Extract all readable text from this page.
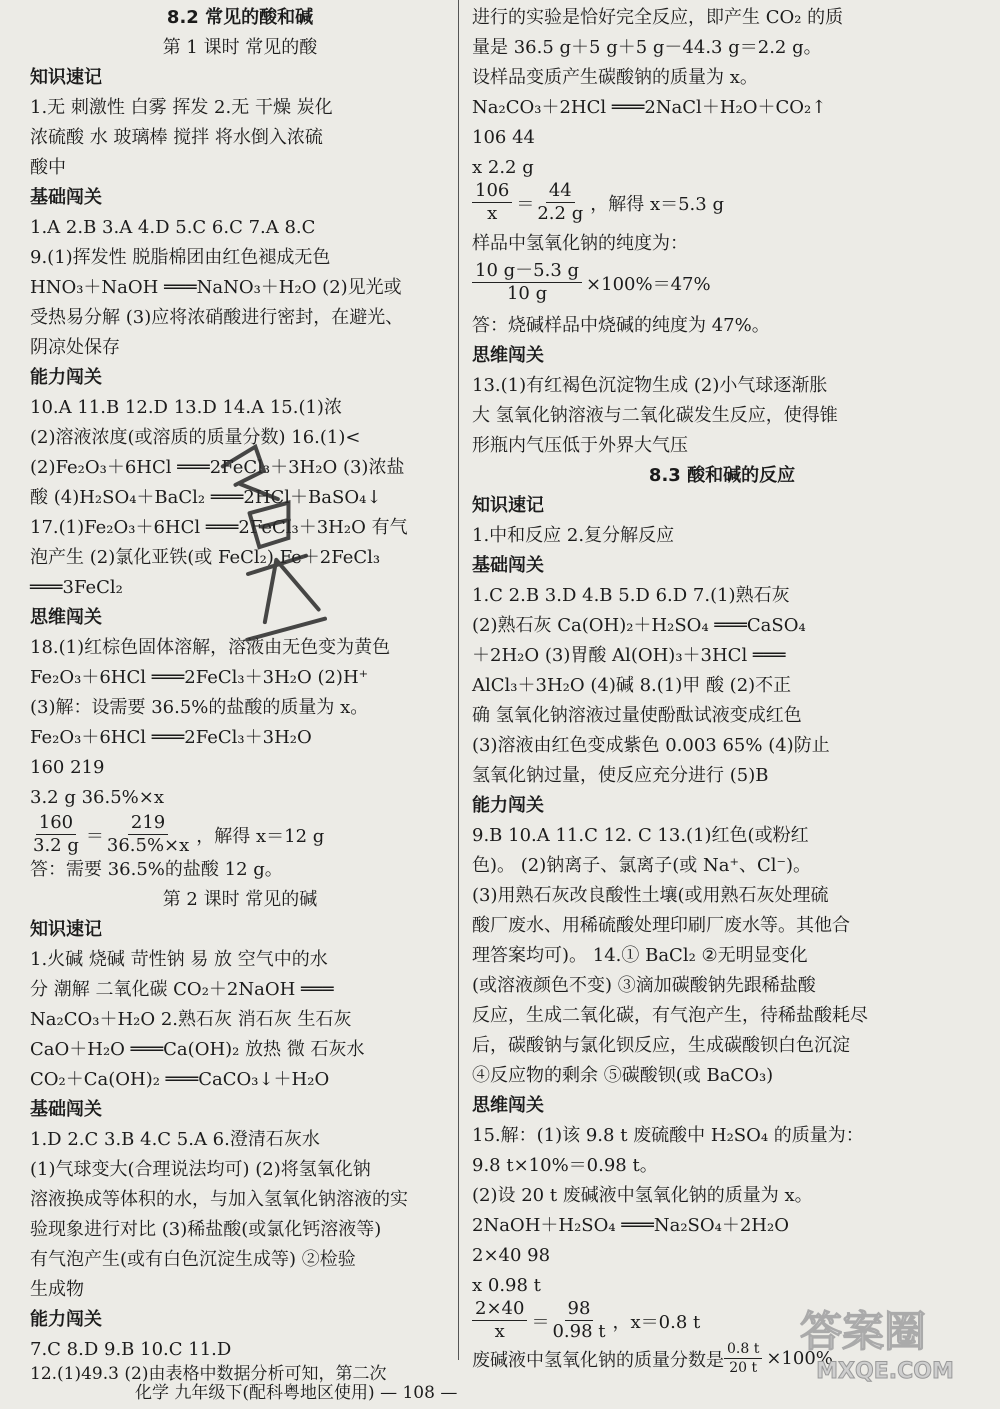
8.2 常见的酸和碱
第 1 课时 常见的酸
知识速记
1.无 刺激性 白雾 挥发 2.无 干燥 炭化
浓硫酸 水 玻璃棒 搅拌 将水倒入浓硫
酸中
基础闯关
1.A 2.B 3.A 4.D 5.C 6.C 7.A 8.C
9.(1)挥发性 脱脂棉团由红色褪成无色
HNO₃＋NaOH ═══NaNO₃＋H₂O (2)见光或
受热易分解 (3)应将浓硝酸进行密封，在避光、
阴凉处保存
能力闯关
10.A 11.B 12.D 13.D 14.A 15.(1)浓
(2)溶液浓度(或溶质的质量分数) 16.(1)<
(2)Fe₂O₃＋6HCl ═══2FeCl₃＋3H₂O (3)浓盐
酸 (4)H₂SO₄＋BaCl₂ ═══2HCl＋BaSO₄↓
17.(1)Fe₂O₃＋6HCl ═══2FeCl₃＋3H₂O 有气
泡产生 (2)氯化亚铁(或 FeCl₂) Fe＋2FeCl₃
═══3FeCl₂
思维闯关
18.(1)红棕色固体溶解，溶液由无色变为黄色
Fe₂O₃＋6HCl ═══2FeCl₃＋3H₂O (2)H⁺
(3)解：设需要 36.5%的盐酸的质量为 x。
Fe₂O₃＋6HCl ═══2FeCl₃＋3H₂O
160 219
3.2 g 36.5%×x
$\frac{160}{3.2 g} = \frac{219}{36.5\%\times x}$ ，解得 x＝12 g
答：需要 36.5%的盐酸 12 g。
第 2 课时 常见的碱
知识速记
1.火碱 烧碱 苛性钠 易 放 空气中的水
分 潮解 二氧化碳 CO₂＋2NaOH ═══
Na₂CO₃＋H₂O 2.熟石灰 消石灰 生石灰
CaO＋H₂O ═══Ca(OH)₂ 放热 微 石灰水
CO₂＋Ca(OH)₂ ═══CaCO₃↓＋H₂O
基础闯关
1.D 2.C 3.B 4.C 5.A 6.澄清石灰水
(1)气球变大(合理说法均可) (2)将氢氧化钠
溶液换成等体积的水，与加入氢氧化钠溶液的实
验现象进行对比 (3)稀盐酸(或氯化钙溶液等)
有气泡产生(或有白色沉淀生成等) ②检验
生成物
能力闯关
7.C 8.D 9.B 10.C 11.D
12.(1)49.3 (2)由表格中数据分析可知，第二次
进行的实验是恰好完全反应，即产生 CO₂ 的质
量是 36.5 g＋5 g＋5 g－44.3 g＝2.2 g。
设样品变质产生碳酸钠的质量为 x。
Na₂CO₃＋2HCl ═══2NaCl＋H₂O＋CO₂↑
106 44
x 2.2 g
$\frac{106}{x} = \frac{44}{2.2 g}$ ，解得 x＝5.3 g
样品中氢氧化钠的纯度为：
$\frac{10 g-5.3 g}{10 g} \times 100\%=47\%$
答：烧碱样品中烧碱的纯度为 47%。
思维闯关
13.(1)有红褐色沉淀物生成 (2)小气球逐渐胀
大 氢氧化钠溶液与二氧化碳发生反应，使得锥
形瓶内气压低于外界大气压
8.3 酸和碱的反应
知识速记
1.中和反应 2.复分解反应
基础闯关
1.C 2.B 3.D 4.B 5.D 6.D 7.(1)熟石灰
(2)熟石灰 Ca(OH)₂＋H₂SO₄ ═══CaSO₄
＋2H₂O (3)胃酸 Al(OH)₃＋3HCl ═══
AlCl₃＋3H₂O (4)碱 8.(1)甲 酸 (2)不正
确 氢氧化钠溶液过量使酚酞试液变成红色
(3)溶液由红色变成紫色 0.003 65% (4)防止
氢氧化钠过量，使反应充分进行 (5)B
能力闯关
9.B 10.A 11.C 12. C 13.(1)红色(或粉红
色)。 (2)钠离子、氯离子(或 Na⁺、Cl⁻)。
(3)用熟石灰改良酸性土壤(或用熟石灰处理硫
酸厂废水、用稀硫酸处理印刷厂废水等。其他合
理答案均可)。 14.① BaCl₂ ②无明显变化
(或溶液颜色不变) ③滴加碳酸钠先跟稀盐酸
反应，生成二氧化碳，有气泡产生，待稀盐酸耗尽
后，碳酸钠与氯化钡反应，生成碳酸钡白色沉淀
④反应物的剩余 ⑤碳酸钡(或 BaCO₃)
思维闯关
15.解：(1)该 9.8 t 废硫酸中 H₂SO₄ 的质量为：
9.8 t×10%＝0.98 t。
(2)设 20 t 废碱液中氢氧化钠的质量为 x。
2NaOH＋H₂SO₄ ═══Na₂SO₄＋2H₂O
2×40 98
x 0.98 t
$\frac{2\times 40}{x} = \frac{98}{0.98 t}$ ，x＝0.8 t
废碱液中氢氧化钠的质量分数是 $\frac{0.8 t}{20 t} \times 100\%$
答案圈
MXQE.COM
化学 九年级下(配科粤地区使用) — 108 —
